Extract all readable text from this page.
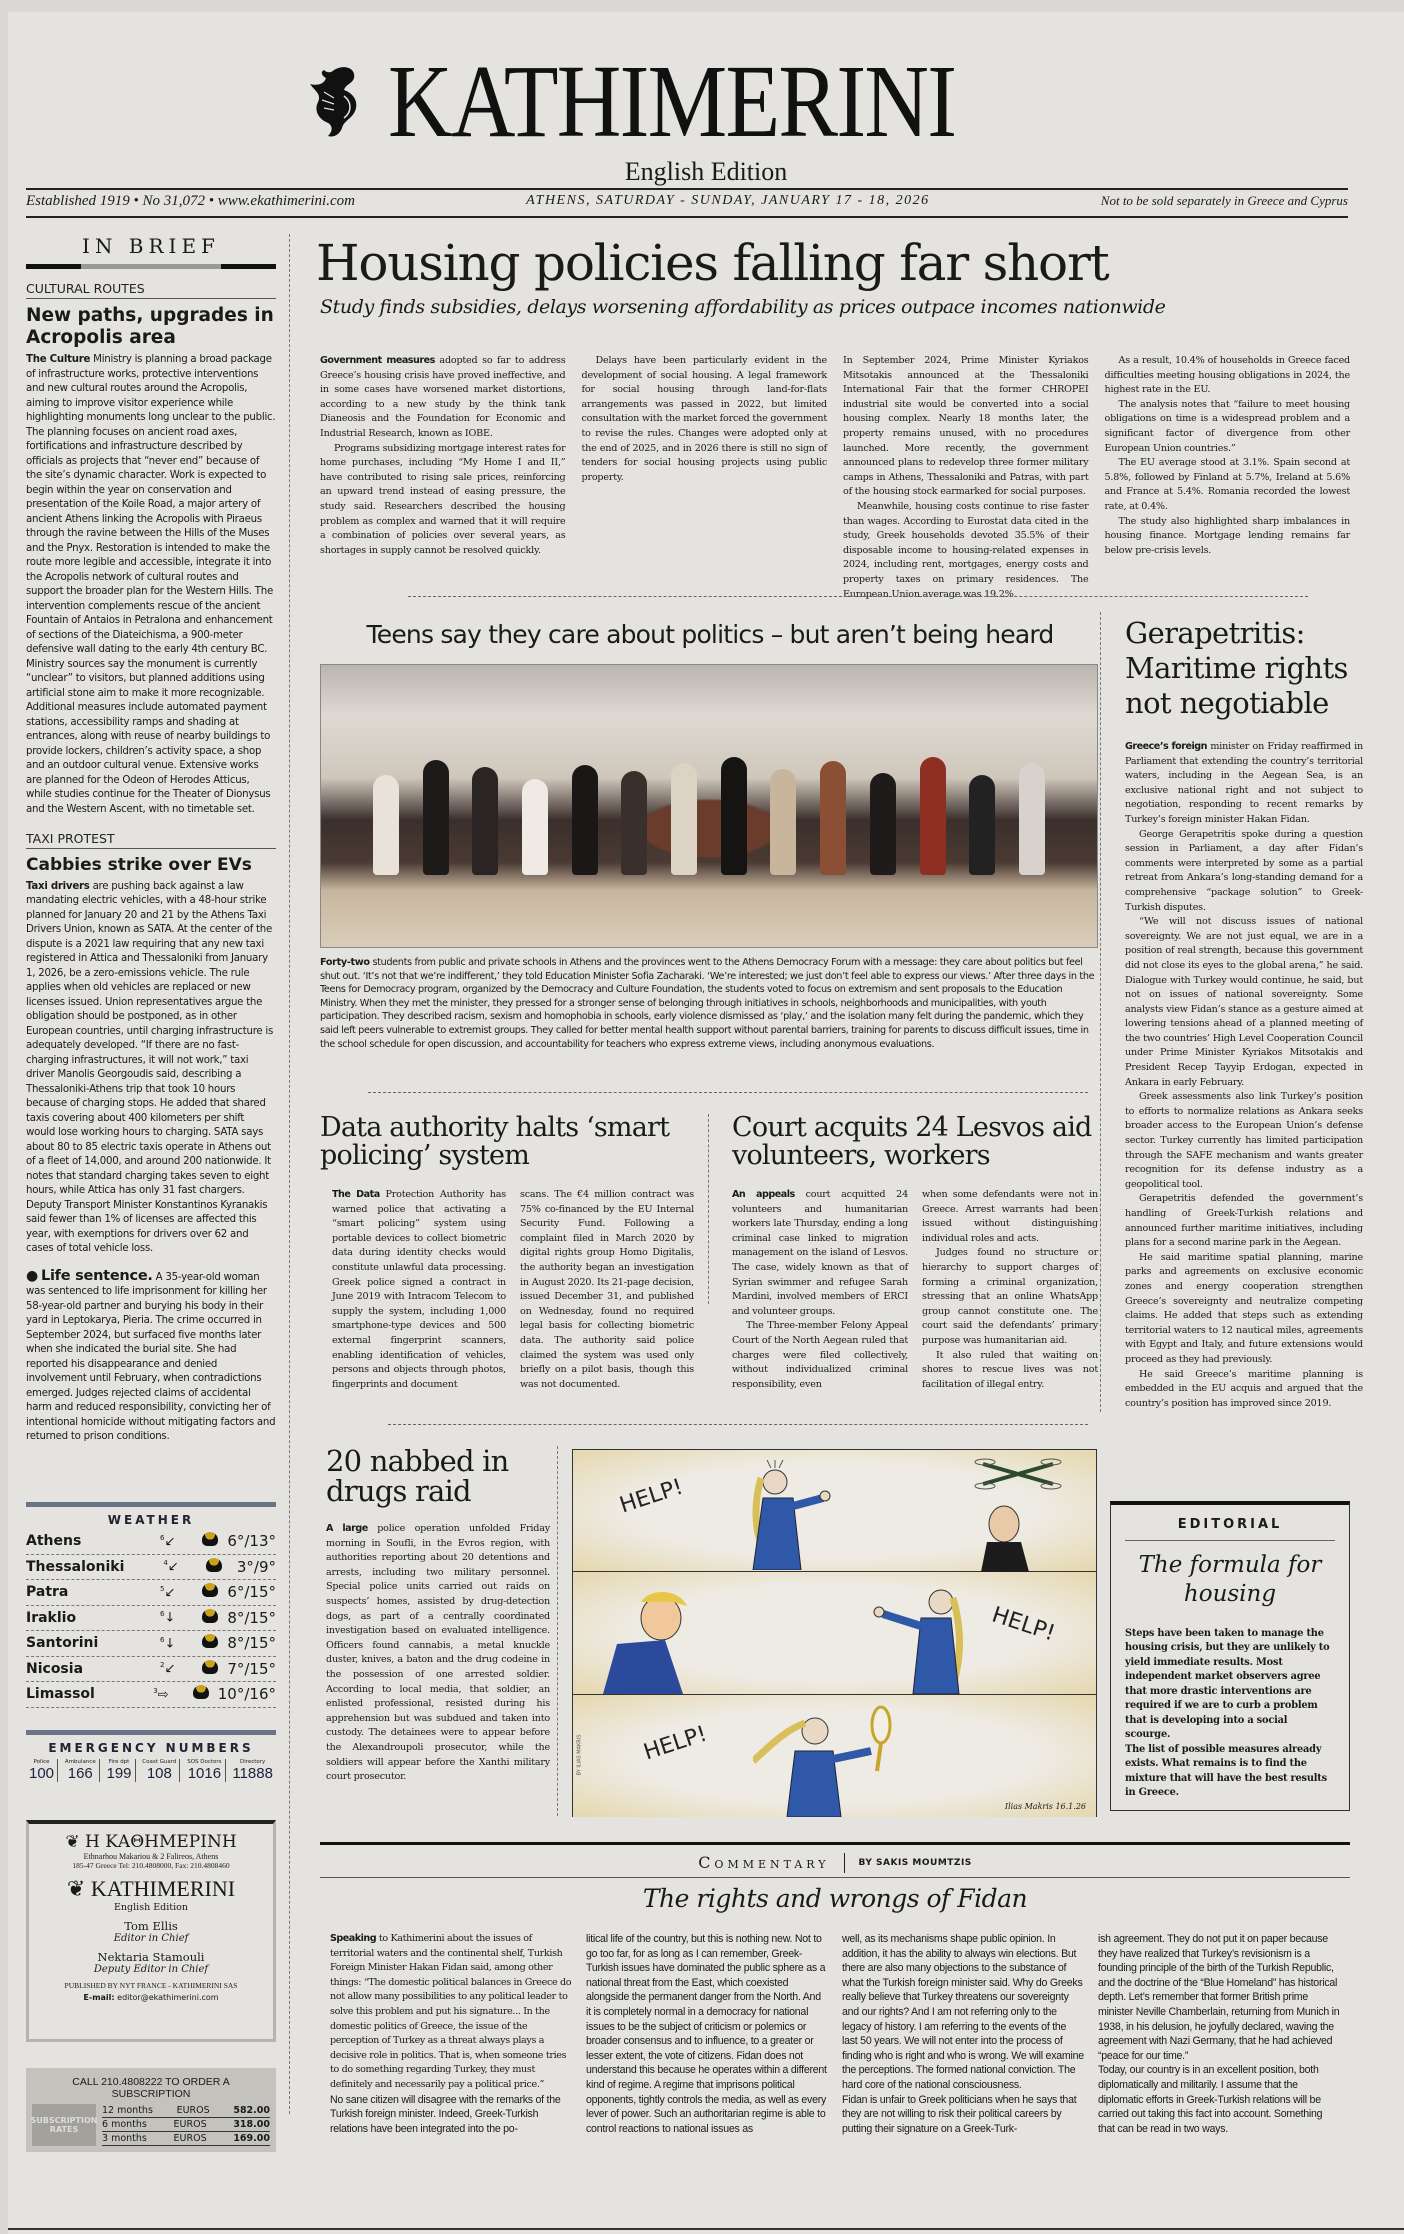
KATHIMERINI
English Edition
Established 1919 • No 31,072 • www.ekathimerini.com	ATHENS, SATURDAY - SUNDAY, JANUARY 17 - 18, 2026	Not to be sold separately in Greece and Cyprus
IN BRIEF
CULTURAL ROUTES
New paths, upgrades in Acropolis area
The Culture Ministry is planning a broad package of infrastructure works, protective interventions and new cultural routes around the Acropolis, aiming to improve visitor experience while highlighting monuments long unclear to the public. The planning focuses on ancient road axes, fortifications and infrastructure described by officials as projects that “never end” because of the site’s dynamic character. Work is expected to begin within the year on conservation and presentation of the Koile Road, a major artery of ancient Athens linking the Acropolis with Piraeus through the ravine between the Hills of the Muses and the Pnyx. Restoration is intended to make the route more legible and accessible, integrate it into the Acropolis network of cultural routes and support the broader plan for the Western Hills. The intervention complements rescue of the ancient Fountain of Antaios in Petralona and enhancement of sections of the Diateichisma, a 900-meter defensive wall dating to the early 4th century BC. Ministry sources say the monument is currently “unclear” to visitors, but planned additions using artificial stone aim to make it more recognizable. Additional measures include automated payment stations, accessibility ramps and shading at entrances, along with reuse of nearby buildings to provide lockers, children’s activity space, a shop and an outdoor cultural venue. Extensive works are planned for the Odeon of Herodes Atticus, while studies continue for the Theater of Dionysus and the Western Ascent, with no timetable set.
TAXI PROTEST
Cabbies strike over EVs
Taxi drivers are pushing back against a law mandating electric vehicles, with a 48-hour strike planned for January 20 and 21 by the Athens Taxi Drivers Union, known as SATA. At the center of the dispute is a 2021 law requiring that any new taxi registered in Attica and Thessaloniki from January 1, 2026, be a zero-emissions vehicle. The rule applies when old vehicles are replaced or new licenses issued. Union representatives argue the obligation should be postponed, as in other European countries, until charging infrastructure is adequately developed. “If there are no fast-charging infrastructures, it will not work,” taxi driver Manolis Georgoudis said, describing a Thessaloniki-Athens trip that took 10 hours because of charging stops. He added that shared taxis covering about 400 kilometers per shift would lose working hours to charging. SATA says about 80 to 85 electric taxis operate in Athens out of a fleet of 14,000, and around 200 nationwide. It notes that standard charging takes seven to eight hours, while Attica has only 31 fast chargers. Deputy Transport Minister Konstantinos Kyranakis said fewer than 1% of licenses are affected this year, with exemptions for drivers over 62 and cases of total vehicle loss.
● Life sentence. A 35-year-old woman was sentenced to life imprisonment for killing her 58-year-old partner and burying his body in their yard in Leptokarya, Pieria. The crime occurred in September 2024, but surfaced five months later when she indicated the burial site. She had reported his disappearance and denied involvement until February, when contradictions emerged. Judges rejected claims of accidental harm and reduced responsibility, convicting her of intentional homicide without mitigating factors and returned to prison conditions.
WEATHER
Athens	$^6$↙	6°/13°
Thessaloniki	$^4$↙	3°/9°
Patra	$^5$↙	6°/15°
Iraklio	$^6$↓	8°/15°
Santorini	$^6$↓	8°/15°
Nicosia	$^2$↙	7°/15°
Limassol	$^3$⇨	10°/16°
EMERGENCY NUMBERS
Police
100
Ambulance
166
Fire dpt
199
Coast Guard
108
SOS Doctors
1016
Directory
11888
❦ Η ΚΑΘΗΜΕΡΙΝΗ
Ethnarhou Makariou & 2 Falireos, Athens
185-47 Greece Tel: 210.4808000, Fax: 210.4808460
❦ KATHIMERINI
English Edition
Tom Ellis
Editor in Chief
Nektaria Stamouli
Deputy Editor in Chief
PUBLISHED BY NYT FRANCE - KATHIMERINI SAS
E-mail: editor@ekathimerini.com
CALL 210.4808222 TO ORDER A SUBSCRIPTION
SUBSCRIPTION RATES
12 months EUROS 582.00
6 months	EUROS	318.00
3 months	EUROS	169.00
Housing policies falling far short
Study finds subsidies, delays worsening affordability as prices outpace incomes nationwide

Government measures adopted so far to address Greece’s housing crisis have proved ineffective, and in some cases have worsened market distortions, according to a new study by the think tank Dianeosis and the Foundation for Economic and Industrial Research, known as IOBE.

Programs subsidizing mortgage interest rates for home purchases, including “My Home I and II,” have contributed to rising sale prices, reinforcing an upward trend instead of easing pressure, the study said. Researchers described the housing problem as complex and warned that it will require a combination of policies over several years, as shortages in supply cannot be resolved quickly.

Delays have been particularly evident in the development of social housing. A legal framework for social housing through land-for-flats arrangements was passed in 2022, but limited consultation with the market forced the government to revise the rules. Changes were adopted only at the end of 2025, and in 2026 there is still no sign of tenders for social housing projects using public property.

In September 2024, Prime Minister Kyriakos Mitsotakis announced at the Thessaloniki International Fair that the former CHROPEI industrial site would be converted into a social housing complex. Nearly 18 months later, the property remains unused, with no procedures launched. More recently, the government announced plans to redevelop three former military camps in Athens, Thessaloniki and Patras, with part of the housing stock earmarked for social purposes.

Meanwhile, housing costs continue to rise faster than wages. According to Eurostat data cited in the study, Greek households devoted 35.5% of their disposable income to housing-related expenses in 2024, including rent, mortgages, energy costs and property taxes on primary residences. The European Union average was 19.2%.

As a result, 10.4% of households in Greece faced difficulties meeting housing obligations in 2024, the highest rate in the EU.

The analysis notes that “failure to meet housing obligations on time is a widespread problem and a significant factor of divergence from other European Union countries.”

The EU average stood at 3.1%. Spain second at 5.8%, followed by Finland at 5.7%, Ireland at 5.6% and France at 5.4%. Romania recorded the lowest rate, at 0.4%.

The study also highlighted sharp imbalances in housing finance. Mortgage lending remains far below pre-crisis levels.

Teens say they care about politics – but aren’t being heard
Forty-two students from public and private schools in Athens and the provinces went to the Athens Democracy Forum with a message: they care about politics but feel shut out. ‘It’s not that we’re indifferent,’ they told Education Minister Sofia Zacharaki. ‘We’re interested; we just don’t feel able to express our views.’ After three days in the Teens for Democracy program, organized by the Democracy and Culture Foundation, the students voted to focus on extremism and sent proposals to the Education Ministry. When they met the minister, they pressed for a stronger sense of belonging through initiatives in schools, neighborhoods and municipalities, with youth participation. They described racism, sexism and homophobia in schools, early violence dismissed as ‘play,’ and the isolation many felt during the pandemic, which they said left peers vulnerable to extremist groups. They called for better mental health support without parental barriers, training for parents to discuss difficult issues, time in the school schedule for open discussion, and accountability for teachers who express extreme views, including anonymous evaluations.
Data authority halts ‘smart policing’ system

The Data Protection Authority has warned police that activating a “smart policing” system using portable devices to collect biometric data during identity checks would constitute unlawful data processing. Greek police signed a contract in June 2019 with Intracom Telecom to supply the system, including 1,000 smartphone-type devices and 500 external fingerprint scanners, enabling identification of vehicles, persons and objects through photos, fingerprints and document

scans. The €4 million contract was 75% co-financed by the EU Internal Security Fund. Following a complaint filed in March 2020 by digital rights group Homo Digitalis, the authority began an investigation in August 2020. Its 21-page decision, issued December 31, and published on Wednesday, found no required legal basis for collecting biometric data. The authority said police claimed the system was used only briefly on a pilot basis, though this was not documented.

Court acquits 24 Lesvos aid volunteers, workers

An appeals court acquitted 24 volunteers and humanitarian workers late Thursday, ending a long criminal case linked to migration management on the island of Lesvos. The case, widely known as that of Syrian swimmer and refugee Sarah Mardini, involved members of ERCI and volunteer groups.

The Three-member Felony Appeal Court of the North Aegean ruled that charges were filed collectively, without individualized criminal responsibility, even

when some defendants were not in Greece. Arrest warrants had been issued without distinguishing individual roles and acts.

Judges found no structure or hierarchy to support charges of forming a criminal organization, stressing that an online WhatsApp group cannot constitute one. The court said the defendants’ primary purpose was humanitarian aid.

It also ruled that waiting on shores to rescue lives was not facilitation of illegal entry.

20 nabbed in drugs raid

A large police operation unfolded Friday morning in Soufli, in the Evros region, with authorities reporting about 20 detentions and arrests, including two military personnel. Special police units carried out raids on suspects’ homes, assisted by drug-detection dogs, as part of a centrally coordinated investigation based on evaluated intelligence. Officers found cannabis, a metal knuckle duster, knives, a baton and the drug codeine in the possession of one arrested soldier. According to local media, that soldier, an enlisted professional, resisted during his apprehension but was subdued and taken into custody. The detainees were to appear before the Alexandroupoli prosecutor, while the soldiers will appear before the Xanthi military court prosecutor.

HELP!
HELP!
HELP!
Ilias Makris 16.1.26
BY ILIAS MAKRIS
Gerapetritis: Maritime rights not negotiable

Greece’s foreign minister on Friday reaffirmed in Parliament that extending the country’s territorial waters, including in the Aegean Sea, is an exclusive national right and not subject to negotiation, responding to recent remarks by Turkey’s foreign minister Hakan Fidan.

George Gerapetritis spoke during a question session in Parliament, a day after Fidan’s comments were interpreted by some as a partial retreat from Ankara’s long-standing demand for a comprehensive “package solution” to Greek-Turkish disputes.

“We will not discuss issues of national sovereignty. We are not just equal, we are in a position of real strength, because this government did not close its eyes to the global arena,” he said. Dialogue with Turkey would continue, he said, but not on issues of national sovereignty. Some analysts view Fidan’s stance as a gesture aimed at lowering tensions ahead of a planned meeting of the two countries’ High Level Cooperation Council under Prime Minister Kyriakos Mitsotakis and President Recep Tayyip Erdogan, expected in Ankara in early February.

Greek assessments also link Turkey’s position to efforts to normalize relations as Ankara seeks broader access to the European Union’s defense sector. Turkey currently has limited participation through the SAFE mechanism and wants greater recognition for its defense industry as a geopolitical tool.

Gerapetritis defended the government’s handling of Greek-Turkish relations and announced further maritime initiatives, including plans for a second marine park in the Aegean.

He said maritime spatial planning, marine parks and agreements on exclusive economic zones and energy cooperation strengthen Greece’s sovereignty and neutralize competing claims. He added that steps such as extending territorial waters to 12 nautical miles, agreements with Egypt and Italy, and future extensions would proceed as they had previously.

He said Greece’s maritime planning is embedded in the EU acquis and argued that the country’s position has improved since 2019.

EDITORIAL
The formula for housing
Steps have been taken to manage the housing crisis, but they are unlikely to yield immediate results. Most independent market observers agree that more drastic interventions are required if we are to curb a problem that is developing into a social scourge.
The list of possible measures already exists. What remains is to find the mixture that will have the best results in Greece.
Commentary	BY SAKIS MOUMTZIS
The rights and wrongs of Fidan
Speaking to Kathimerini about the issues of territorial waters and the continental shelf, Turkish Foreign Minister Hakan Fidan said, among other things: “The domestic political balances in Greece do not allow many possibilities to any political leader to solve this problem and put his signature... In the domestic politics of Greece, the issue of the perception of Turkey as a threat always plays a decisive role in politics. That is, when someone tries to do something regarding Turkey, they must definitely and necessarily pay a political price.”
No sane citizen will disagree with the remarks of the Turkish foreign minister. Indeed, Greek-Turkish relations have been integrated into the po-
litical life of the country, but this is nothing new. Not to go too far, for as long as I can remember, Greek-Turkish issues have dominated the public sphere as a national threat from the East, which coexisted alongside the permanent danger from the North. And it is completely normal in a democracy for national issues to be the subject of criticism or polemics or broader consensus and to influence, to a greater or lesser extent, the vote of citizens. Fidan does not understand this because he operates within a different kind of regime. A regime that imprisons political opponents, tightly controls the media, as well as every lever of power. Such an authoritarian regime is able to control reactions to national issues as
well, as its mechanisms shape public opinion. In addition, it has the ability to always win elections. But there are also many objections to the substance of what the Turkish foreign minister said. Why do Greeks really believe that Turkey threatens our sovereignty and our rights? And I am not referring only to the legacy of history. I am referring to the events of the last 50 years. We will not enter into the process of finding who is right and who is wrong. We will examine the perceptions. The formed national conviction. The hard core of the national consciousness.
Fidan is unfair to Greek politicians when he says that they are not willing to risk their political careers by putting their signature on a Greek-Turk-
ish agreement. They do not put it on paper because they have realized that Turkey’s revisionism is a founding principle of the birth of the Turkish Republic, and the doctrine of the “Blue Homeland” has historical depth. Let’s remember that former British prime minister Neville Chamberlain, returning from Munich in 1938, in his delusion, he joyfully declared, waving the agreement with Nazi Germany, that he had achieved “peace for our time.”
Today, our country is in an excellent position, both diplomatically and militarily. I assume that the diplomatic efforts in Greek-Turkish relations will be carried out taking this fact into account. Something that can be read in two ways.
